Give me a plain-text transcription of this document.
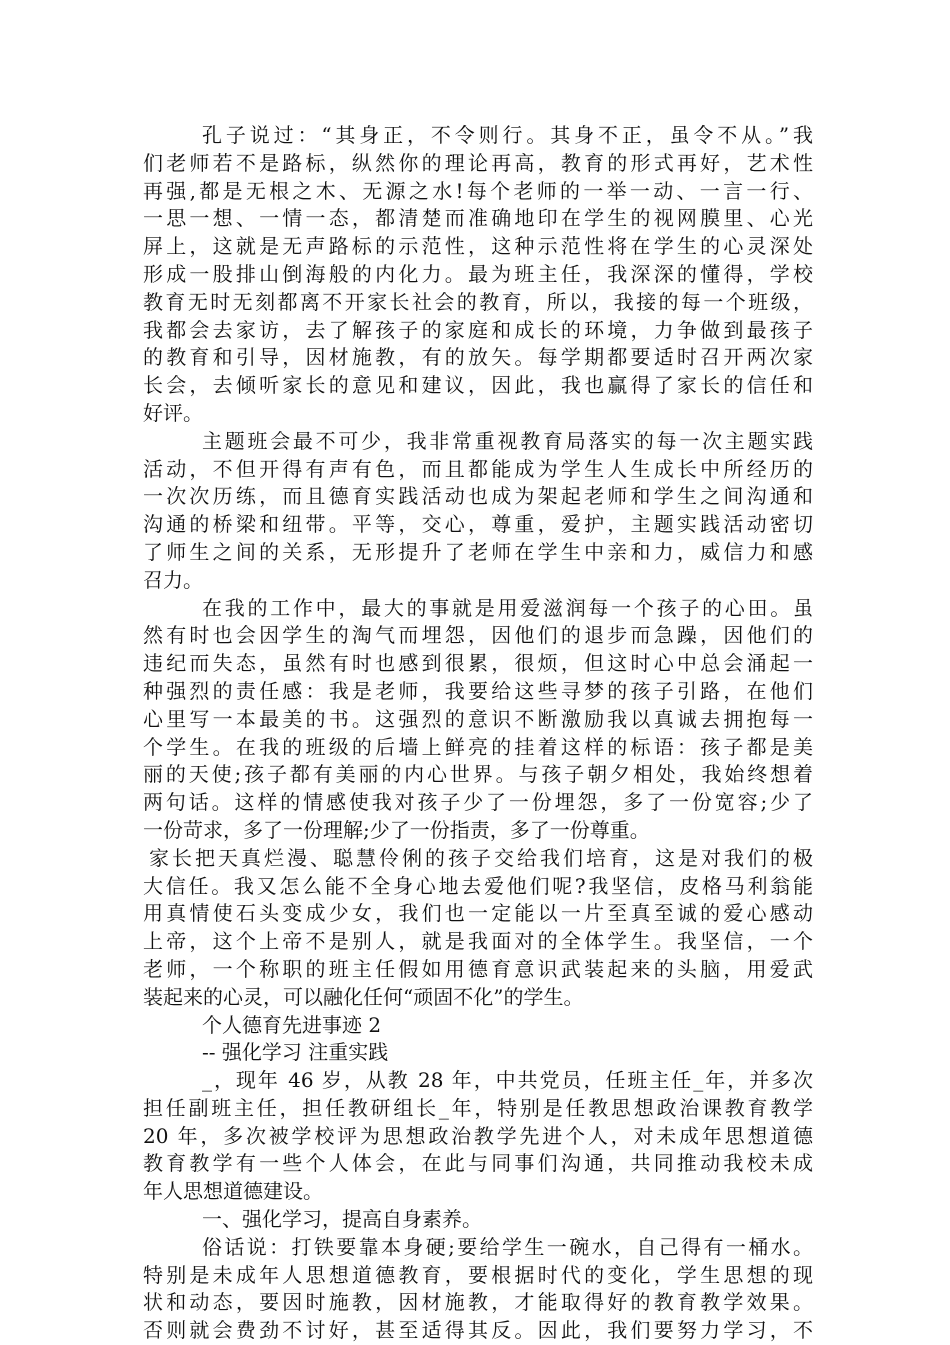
孔子说过：“其身正，不令则行。其身不正，虽令不从。”我
们老师若不是路标，纵然你的理论再高，教育的形式再好，艺术性
再强,都是无根之木、无源之水!每个老师的一举一动、一言一行、
一思一想、一情一态，都清楚而准确地印在学生的视网膜里、心光
屏上，这就是无声路标的示范性，这种示范性将在学生的心灵深处
形成一股排山倒海般的内化力。最为班主任，我深深的懂得，学校
教育无时无刻都离不开家长社会的教育，所以，我接的每一个班级，
我都会去家访，去了解孩子的家庭和成长的环境，力争做到最孩子
的教育和引导，因材施教，有的放矢。每学期都要适时召开两次家
长会，去倾听家长的意见和建议，因此，我也赢得了家长的信任和
好评。
主题班会最不可少，我非常重视教育局落实的每一次主题实践
活动，不但开得有声有色，而且都能成为学生人生成长中所经历的
一次次历练，而且德育实践活动也成为架起老师和学生之间沟通和
沟通的桥梁和纽带。平等，交心，尊重，爱护，主题实践活动密切
了师生之间的关系，无形提升了老师在学生中亲和力，威信力和感
召力。
在我的工作中，最大的事就是用爱滋润每一个孩子的心田。虽
然有时也会因学生的淘气而埋怨，因他们的退步而急躁，因他们的
违纪而失态，虽然有时也感到很累，很烦，但这时心中总会涌起一
种强烈的责任感：我是老师，我要给这些寻梦的孩子引路，在他们
心里写一本最美的书。这强烈的意识不断激励我以真诚去拥抱每一
个学生。在我的班级的后墙上鲜亮的挂着这样的标语：孩子都是美
丽的天使;孩子都有美丽的内心世界。与孩子朝夕相处，我始终想着
两句话。这样的情感使我对孩子少了一份埋怨，多了一份宽容;少了
一份苛求，多了一份理解;少了一份指责，多了一份尊重。
家长把天真烂漫、聪慧伶俐的孩子交给我们培育，这是对我们的极
大信任。我又怎么能不全身心地去爱他们呢?我坚信，皮格马利翁能
用真情使石头变成少女，我们也一定能以一片至真至诚的爱心感动
上帝，这个上帝不是别人，就是我面对的全体学生。我坚信，一个
老师，一个称职的班主任假如用德育意识武装起来的头脑，用爱武
装起来的心灵，可以融化任何“顽固不化”的学生。
个人德育先进事迹 2
-- 强化学习 注重实践
_，现年 46 岁，从教 28 年，中共党员，任班主任_年，并多次
担任副班主任，担任教研组长_年，特别是任教思想政治课教育教学
20 年，多次被学校评为思想政治教学先进个人，对未成年思想道德
教育教学有一些个人体会，在此与同事们沟通，共同推动我校未成
年人思想道德建设。
一、强化学习，提高自身素养。
俗话说：打铁要靠本身硬;要给学生一碗水，自己得有一桶水。
特别是未成年人思想道德教育，要根据时代的变化，学生思想的现
状和动态，要因时施教，因材施教，才能取得好的教育教学效果。
否则就会费劲不讨好，甚至适得其反。因此，我们要努力学习，不
